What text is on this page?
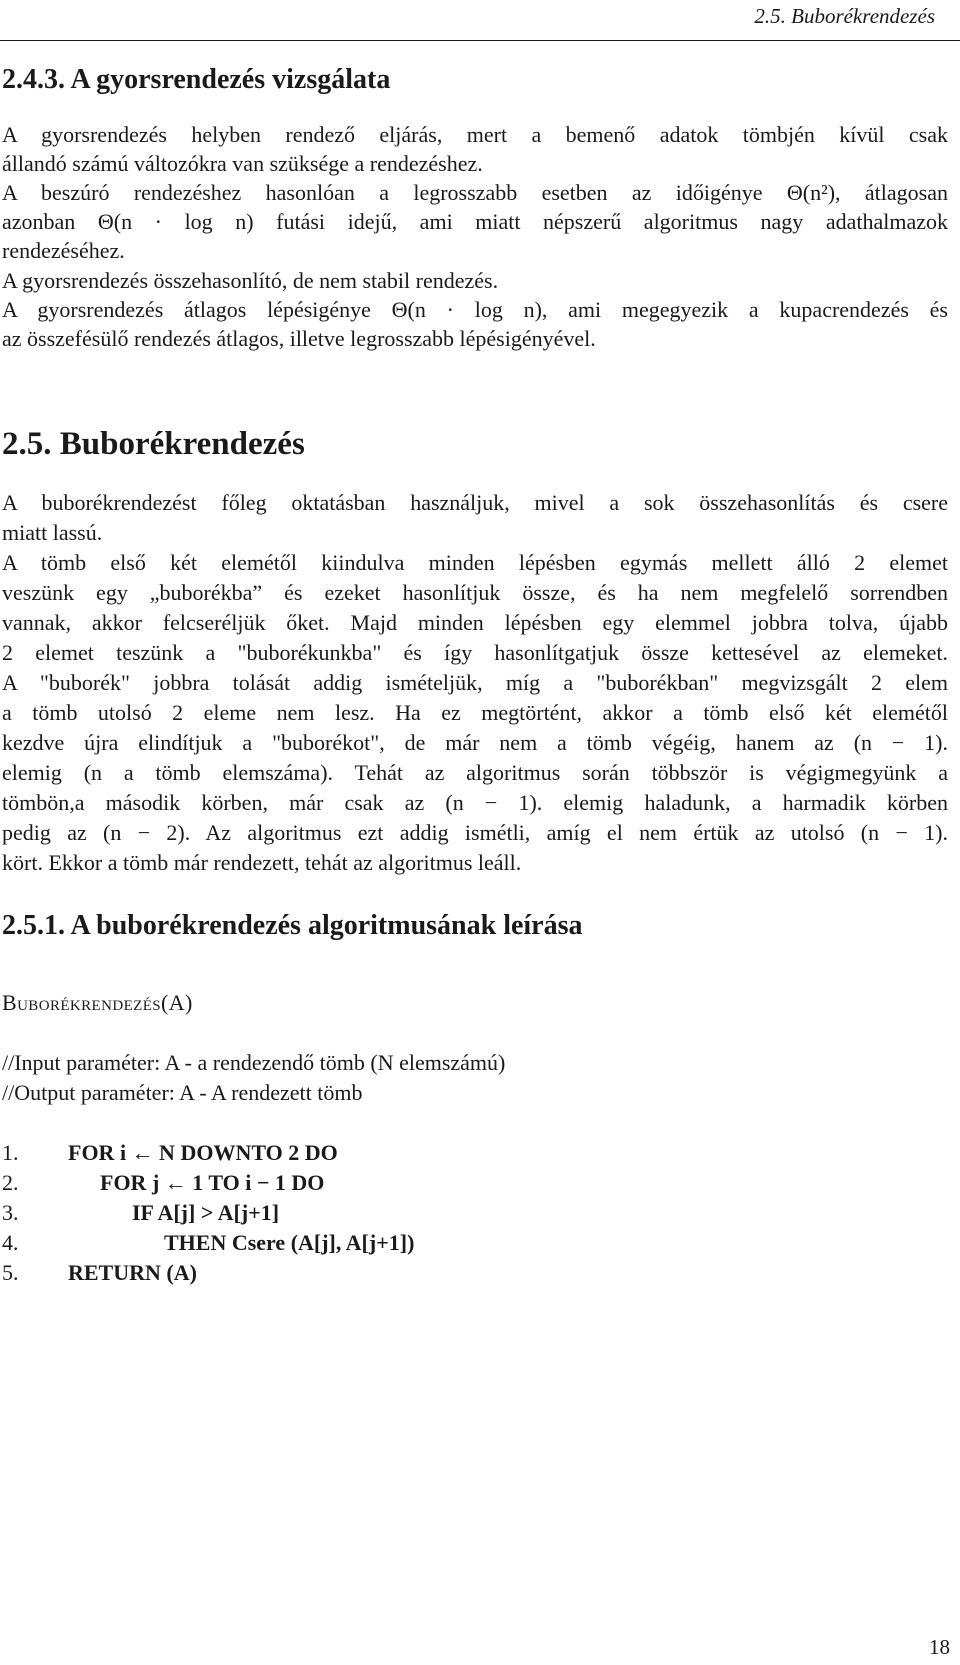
2.5. Buborékrendezés
2.4.3. A gyorsrendezés vizsgálata
A gyorsrendezés helyben rendező eljárás, mert a bemenő adatok tömbjén kívül csak
állandó számú változókra van szüksége a rendezéshez.
A beszúró rendezéshez hasonlóan a legrosszabb esetben az időigénye Θ(n²), átlagosan
azonban Θ(n · log n) futási idejű, ami miatt népszerű algoritmus nagy adathalmazok
rendezéséhez.
A gyorsrendezés összehasonlító, de nem stabil rendezés.
A gyorsrendezés átlagos lépésigénye Θ(n · log n), ami megegyezik a kupacrendezés és
az összefésülő rendezés átlagos, illetve legrosszabb lépésigényével.
2.5. Buborékrendezés
A buborékrendezést főleg oktatásban használjuk, mivel a sok összehasonlítás és csere
miatt lassú.
A tömb első két elemétől kiindulva minden lépésben egymás mellett álló 2 elemet
veszünk egy „buborékba” és ezeket hasonlítjuk össze, és ha nem megfelelő sorrendben
vannak, akkor felcseréljük őket. Majd minden lépésben egy elemmel jobbra tolva, újabb
2 elemet teszünk a "buborékunkba" és így hasonlítgatjuk össze kettesével az elemeket.
A "buborék" jobbra tolását addig ismételjük, míg a "buborékban" megvizsgált 2 elem
a tömb utolsó 2 eleme nem lesz. Ha ez megtörtént, akkor a tömb első két elemétől
kezdve újra elindítjuk a "buborékot", de már nem a tömb végéig, hanem az (n − 1).
elemig (n a tömb elemszáma). Tehát az algoritmus során többször is végigmegyünk a
tömbön,a második körben, már csak az (n − 1). elemig haladunk, a harmadik körben
pedig az (n − 2). Az algoritmus ezt addig ismétli, amíg el nem értük az utolsó (n − 1).
kört. Ekkor a tömb már rendezett, tehát az algoritmus leáll.
2.5.1. A buborékrendezés algoritmusának leírása
Buborékrendezés(A)
//Input paraméter: A - a rendezendő tömb (N elemszámú)
//Output paraméter: A - A rendezett tömb
1. FOR i ← N DOWNTO 2 DO
2.	FOR j ← 1 TO i − 1 DO
3.	IF A[j] > A[j+1]
4.	THEN Csere (A[j], A[j+1])
5. RETURN (A)
18
